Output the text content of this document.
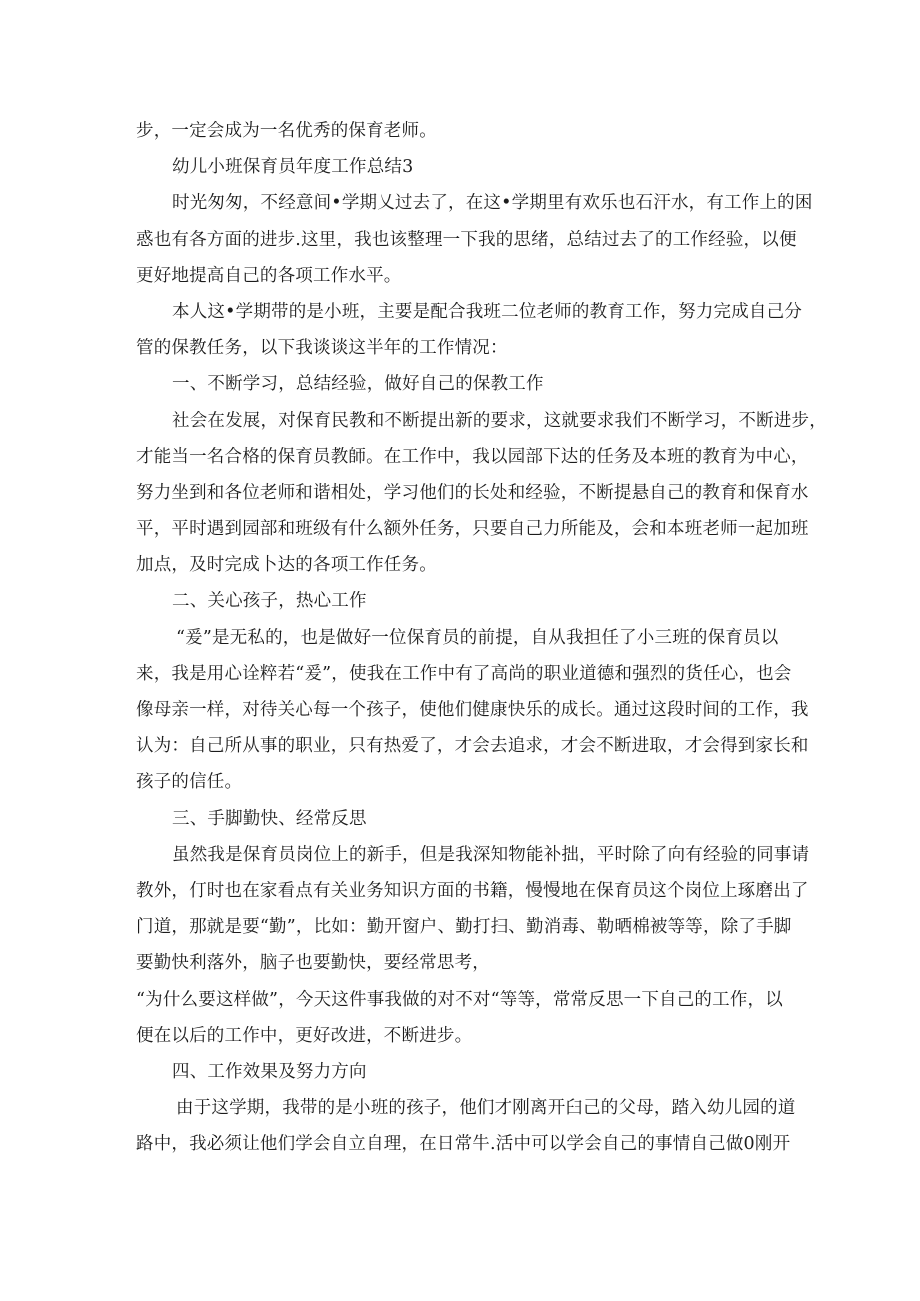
步，一定会成为一名优秀的保育老师。
幼儿小班保育员年度工作总结3
时光匆匆，不经意间•学期乂过去了，在这•学期里有欢乐也石汗水，有工作上的困
惑也有各方面的进步.这里，我也该整理一下我的思绪，总结过去了的工作经验，以便
更好地提高自己的各项工作水平。
本人这•学期带的是小班，主要是配合我班二位老师的教育工作，努力完成自己分
管的保教任务，以下我谈谈这半年的工作情况：
一、不断学习，总结经验，做好自己的保教工作
社会在发展，对保育民教和不断提出新的要求，这就要求我们不断学习，不断进步，
才能当一名合格的保育员教師。在工作中，我以园部下达的任务及本班的教育为中心，
努力坐到和各位老师和谐相处，学习他们的长处和经验，不断提悬自己的教育和保育水
平，平时遇到园部和班级有什么额外任务，只要自己力所能及，会和本班老师一起加班
加点，及时完成卜达的各项工作任务。
二、关心孩子，热心工作
“爰”是无私的，也是做好一位保育员的前提，自从我担任了小三班的保育员以
来，我是用心诠粹若“爰”，使我在工作中有了高尚的职业道德和强烈的货任心，也会
像母亲一样，对待关心每一个孩子，使他们健康快乐的成长。通过这段时间的工作，我
认为：自己所从事的职业，只有热爱了，才会去追求，才会不断进取，才会得到家长和
孩子的信任。
三、手脚勤快、经常反思
虽然我是保育员岗位上的新手，但是我深知物能补拙，平时除了向有经验的同事请
教外，仃时也在家看点有关业务知识方面的书籍，慢慢地在保育员这个岗位上琢磨出了
门道，那就是要“勤”，比如：勤开窗户、勤打扫、勤消毒、勒晒棉被等等，除了手脚
要勤快利落外，脑子也要勤快，要经常思考，
“为什么要这样做”，今天这件事我做的对不对“等等，常常反思一下自己的工作，以
便在以后的工作中，更好改进，不断进步。
四、工作效果及努力方向
由于这学期，我带的是小班的孩子，他们才刚离开臼己的父母，踏入幼儿园的道
路中，我必须让他们学会自立自理，在日常牛.活中可以学会自己的事情自己做0刚开
